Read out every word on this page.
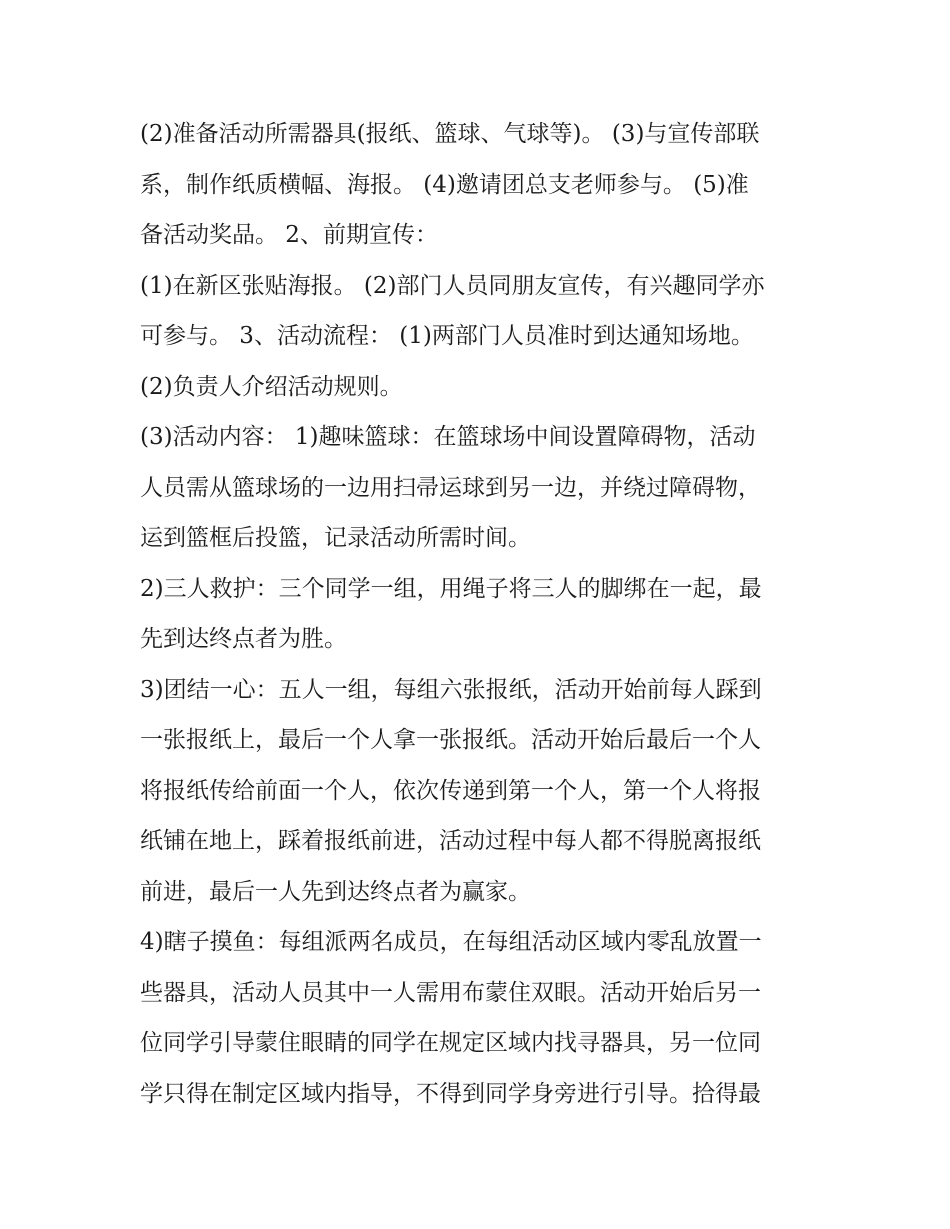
(2)准备活动所需器具(报纸、篮球、气球等)。 (3)与宣传部联
系，制作纸质横幅、海报。 (4)邀请团总支老师参与。 (5)准
备活动奖品。 2、前期宣传：
(1)在新区张贴海报。 (2)部门人员同朋友宣传，有兴趣同学亦
可参与。 3、活动流程： (1)两部门人员准时到达通知场地。
(2)负责人介绍活动规则。
(3)活动内容： 1)趣味篮球：在篮球场中间设置障碍物，活动
人员需从篮球场的一边用扫帚运球到另一边，并绕过障碍物，
运到篮框后投篮，记录活动所需时间。
2)三人救护：三个同学一组，用绳子将三人的脚绑在一起，最
先到达终点者为胜。
3)团结一心：五人一组，每组六张报纸，活动开始前每人踩到
一张报纸上，最后一个人拿一张报纸。活动开始后最后一个人
将报纸传给前面一个人，依次传递到第一个人，第一个人将报
纸铺在地上，踩着报纸前进，活动过程中每人都不得脱离报纸
前进，最后一人先到达终点者为赢家。
4)瞎子摸鱼：每组派两名成员，在每组活动区域内零乱放置一
些器具，活动人员其中一人需用布蒙住双眼。活动开始后另一
位同学引导蒙住眼睛的同学在规定区域内找寻器具，另一位同
学只得在制定区域内指导，不得到同学身旁进行引导。拾得最
